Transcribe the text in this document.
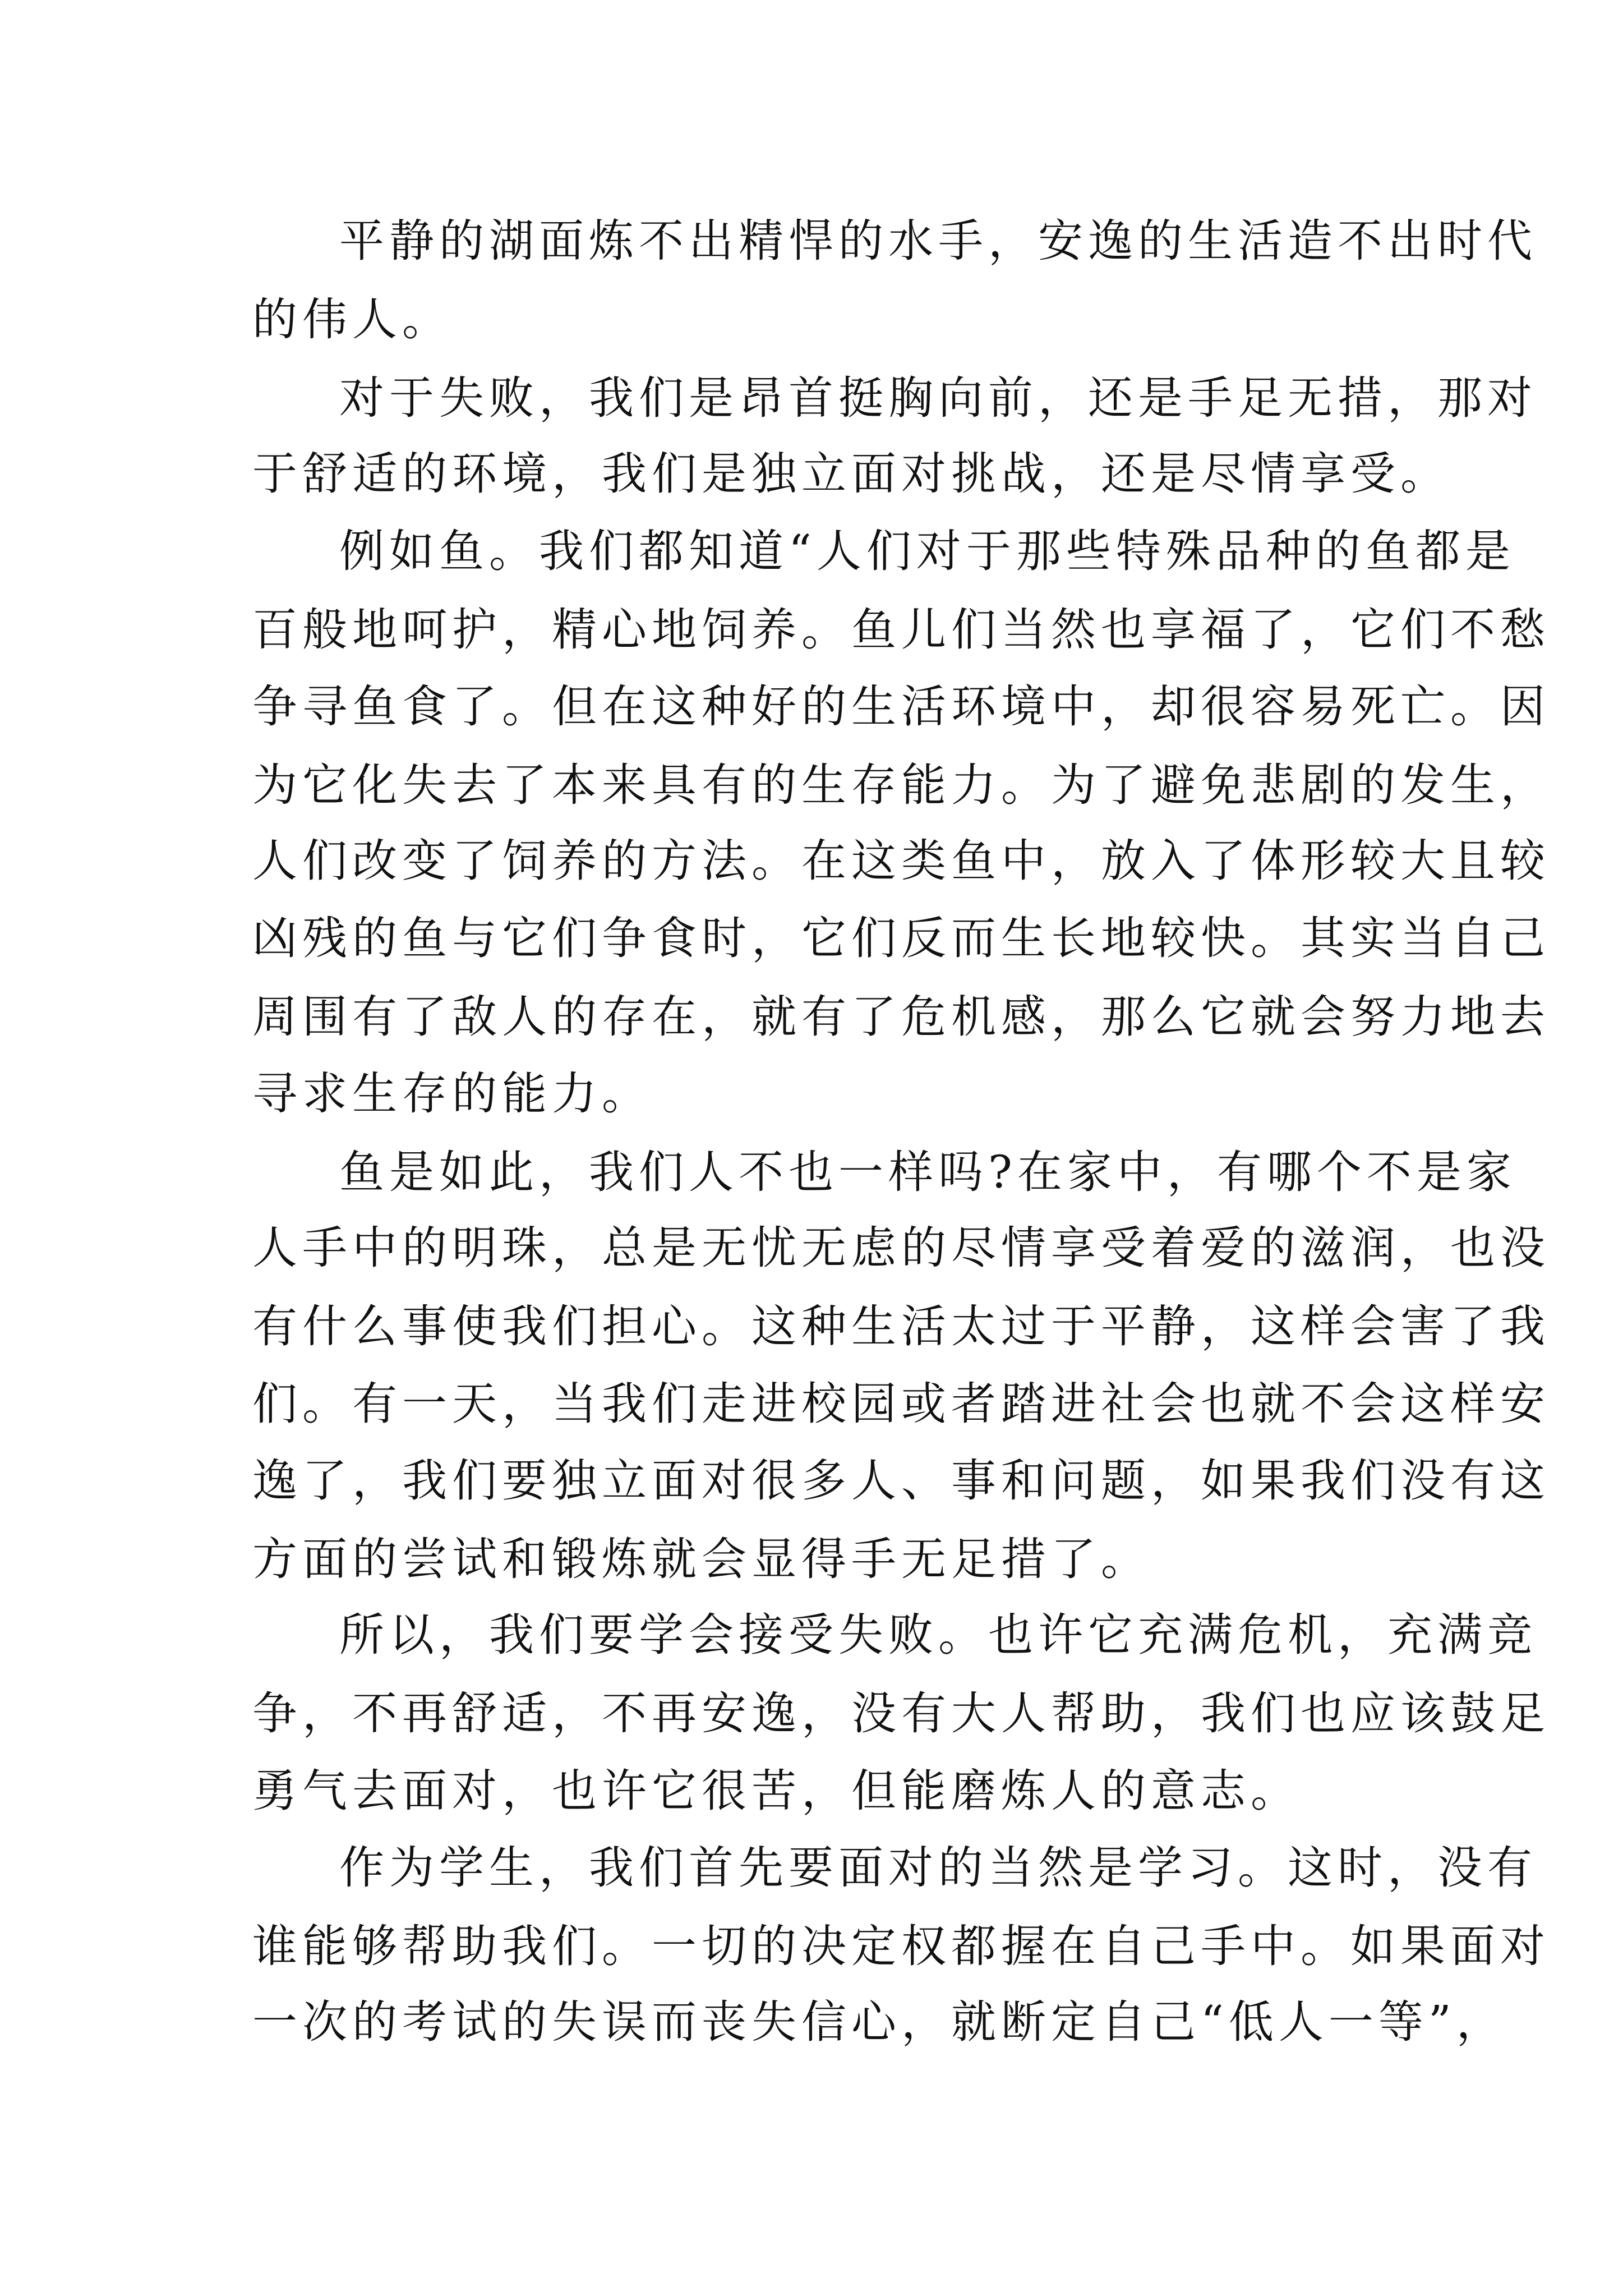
平静的湖面炼不出精悍的水手，安逸的生活造不出时代
的伟人。
对于失败，我们是昂首挺胸向前，还是手足无措，那对
于舒适的环境，我们是独立面对挑战，还是尽情享受。
例如鱼。我们都知道“人们对于那些特殊品种的鱼都是
百般地呵护，精心地饲养。鱼儿们当然也享福了，它们不愁
争寻鱼食了。但在这种好的生活环境中，却很容易死亡。因
为它化失去了本来具有的生存能力。为了避免悲剧的发生，
人们改变了饲养的方法。在这类鱼中，放入了体形较大且较
凶残的鱼与它们争食时，它们反而生长地较快。其实当自己
周围有了敌人的存在，就有了危机感，那么它就会努力地去
寻求生存的能力。
鱼是如此，我们人不也一样吗?在家中，有哪个不是家
人手中的明珠，总是无忧无虑的尽情享受着爱的滋润，也没
有什么事使我们担心。这种生活太过于平静，这样会害了我
们。有一天，当我们走进校园或者踏进社会也就不会这样安
逸了，我们要独立面对很多人、事和问题，如果我们没有这
方面的尝试和锻炼就会显得手无足措了。
所以，我们要学会接受失败。也许它充满危机，充满竞
争，不再舒适，不再安逸，没有大人帮助，我们也应该鼓足
勇气去面对，也许它很苦，但能磨炼人的意志。
作为学生，我们首先要面对的当然是学习。这时，没有
谁能够帮助我们。一切的决定权都握在自己手中。如果面对
一次的考试的失误而丧失信心，就断定自己“低人一等”，
